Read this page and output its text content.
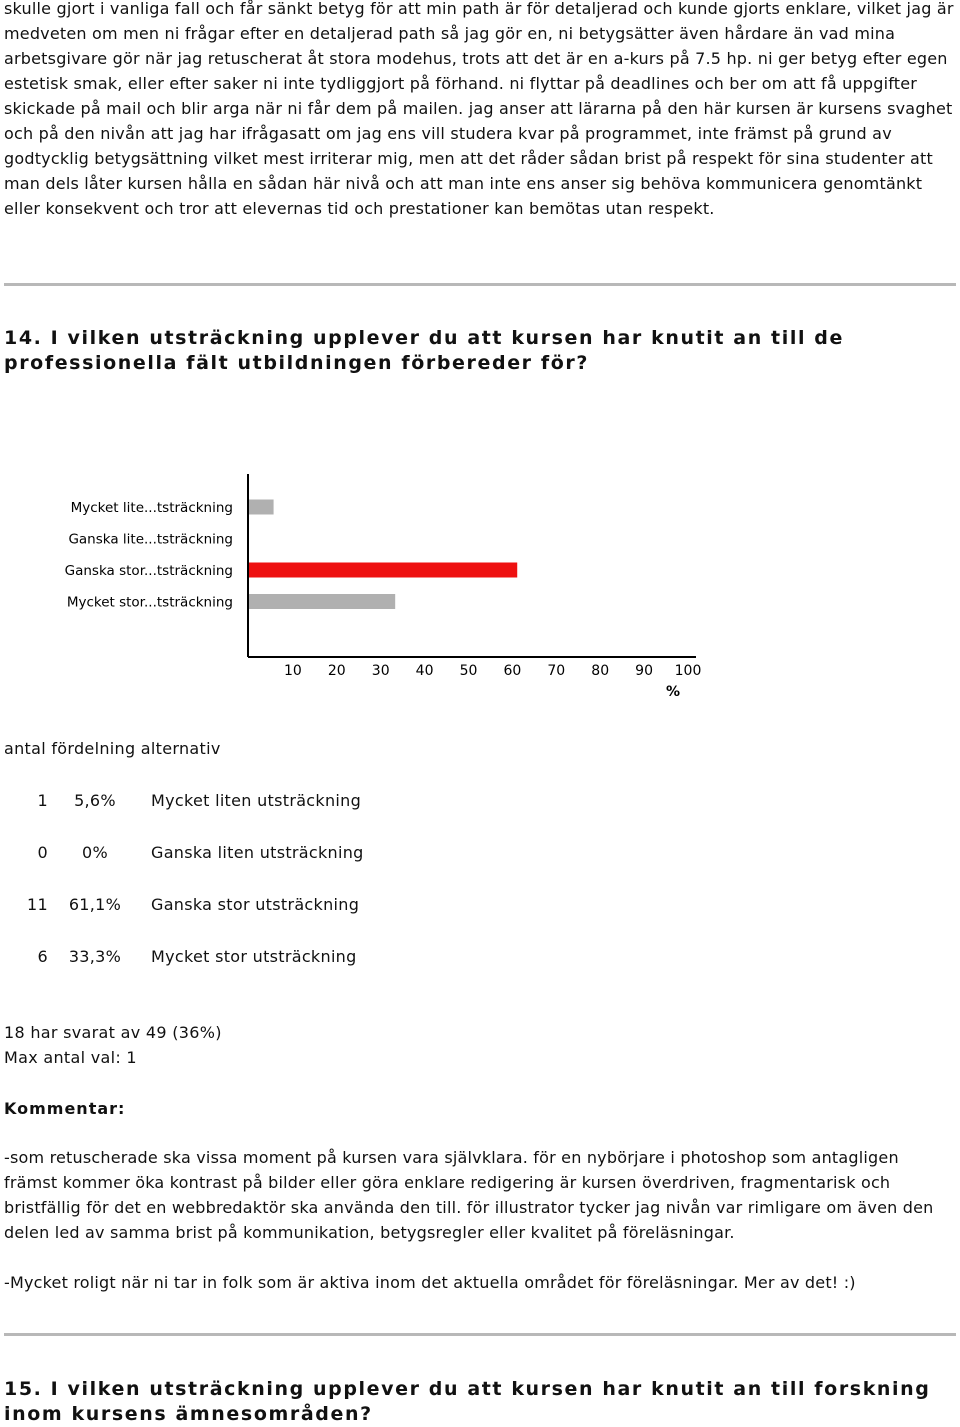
skulle gjort i vanliga fall och får sänkt betyg för att min path är för detaljerad och kunde gjorts enklare, vilket jag är medveten om men ni frågar efter en detaljerad path så jag gör en, ni betygsätter även hårdare än vad mina arbetsgivare gör när jag retuscherat åt stora modehus, trots att det är en a-kurs på 7.5 hp. ni ger betyg efter egen estetisk smak, eller efter saker ni inte tydliggjort på förhand. ni flyttar på deadlines och ber om att få uppgifter skickade på mail och blir arga när ni får dem på mailen. jag anser att lärarna på den här kursen är kursens svaghet och på den nivån att jag har ifrågasatt om jag ens vill studera kvar på programmet, inte främst på grund av godtycklig betygsättning vilket mest irriterar mig, men att det råder sådan brist på respekt för sina studenter att man dels låter kursen hålla en sådan här nivå och att man inte ens anser sig behöva kommunicera genomtänkt eller konsekvent och tror att elevernas tid och prestationer kan bemötas utan respekt.

14. I vilken utsträckning upplever du att kursen har knutit an till de professionella fält utbildningen förbereder för?
Mycket lite...tsträckning
Ganska lite...tsträckning
Ganska stor...tsträckning
Mycket stor...tsträckning
10 20 30 40 50 60 70 80 90 100
%
antal fördelning alternativ
1	5,6%	Mycket liten utsträckning
0	0%	Ganska liten utsträckning
11	61,1%	Ganska stor utsträckning
6	33,3%	Mycket stor utsträckning
18 har svarat av 49 (36%)
Max antal val: 1
Kommentar:

-som retuscherade ska vissa moment på kursen vara självklara. för en nybörjare i photoshop som antagligen främst kommer öka kontrast på bilder eller göra enklare redigering är kursen överdriven, fragmentarisk och bristfällig för det en webbredaktör ska använda den till. för illustrator tycker jag nivån var rimligare om även den delen led av samma brist på kommunikation, betygsregler eller kvalitet på föreläsningar.

-Mycket roligt när ni tar in folk som är aktiva inom det aktuella området för föreläsningar. Mer av det! :)

15. I vilken utsträckning upplever du att kursen har knutit an till forskning inom kursens ämnesområden?
